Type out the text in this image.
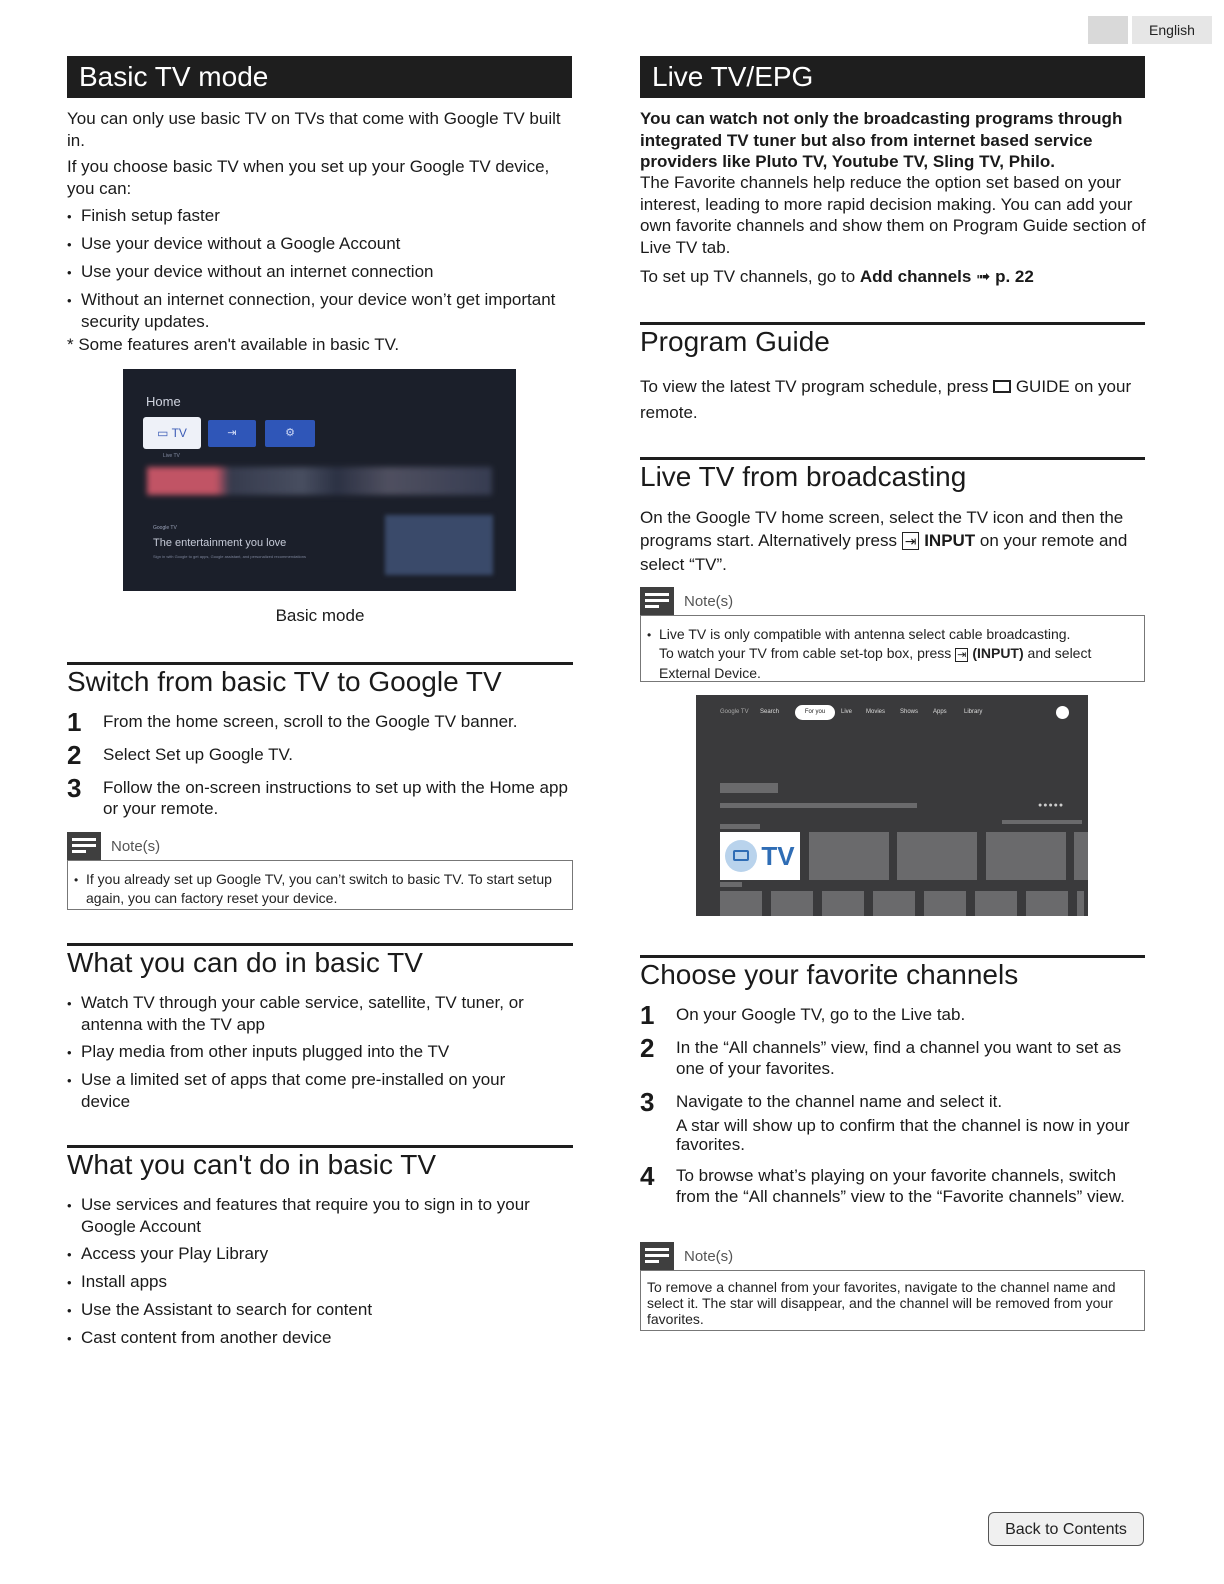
English
Basic TV mode
You can only use basic TV on TVs that come with Google TV built in.
If you choose basic TV when you set up your Google TV device, you can:
• Finish setup faster
• Use your device without a Google Account
• Use your device without an internet connection
• Without an internet connection, your device won’t get important security updates.
* Some features aren't available in basic TV.
Home
▭ TV	⇥	⚙
Live TV
Google TV
The entertainment you love
Sign in with Google to get apps, Google assistant, and personalized recommendations
Basic mode
Switch from basic TV to Google TV
1 From the home screen, scroll to the Google TV banner.
2 Select Set up Google TV.
3 Follow the on-screen instructions to set up with the Home app or your remote.
Note(s)
• If you already set up Google TV, you can’t switch to basic TV. To start setup again, you can factory reset your device.
What you can do in basic TV
• Watch TV through your cable service, satellite, TV tuner, or antenna with the TV app
• Play media from other inputs plugged into the TV
• Use a limited set of apps that come pre-installed on your device
What you can't do in basic TV
• Use services and features that require you to sign in to your Google Account
• Access your Play Library
• Install apps
• Use the Assistant to search for content
• Cast content from another device
Live TV/EPG
You can watch not only the broadcasting programs through integrated TV tuner but also from internet based service providers like Pluto TV, Youtube TV, Sling TV, Philo.
The Favorite channels help reduce the option set based on your interest, leading to more rapid decision making. You can add your own favorite channels and show them on Program Guide section of Live TV tab.
To set up TV channels, go to Add channels ➟ p. 22
Program Guide
To view the latest TV program schedule, press GUIDE on your remote.
Live TV from broadcasting
On the Google TV home screen, select the TV icon and then the programs start. Alternatively press ⇥ INPUT on your remote and select “TV”.
Note(s)
• Live TV is only compatible with antenna select cable broadcasting.
To watch your TV from cable set-top box, press ⇥ (INPUT) and select External Device.
Google TV Search	For you	Live Movies Shows Apps	Library
●●●●●
TV
Choose your favorite channels
1 On your Google TV, go to the Live tab.
2 In the “All channels” view, find a channel you want to set as one of your favorites.
3 Navigate to the channel name and select it.
A star will show up to confirm that the channel is now in your favorites.
4 To browse what’s playing on your favorite channels, switch from the “All channels” view to the “Favorite channels” view.
Note(s)
To remove a channel from your favorites, navigate to the channel name and select it. The star will disappear, and the channel will be removed from your favorites.
Back to Contents
